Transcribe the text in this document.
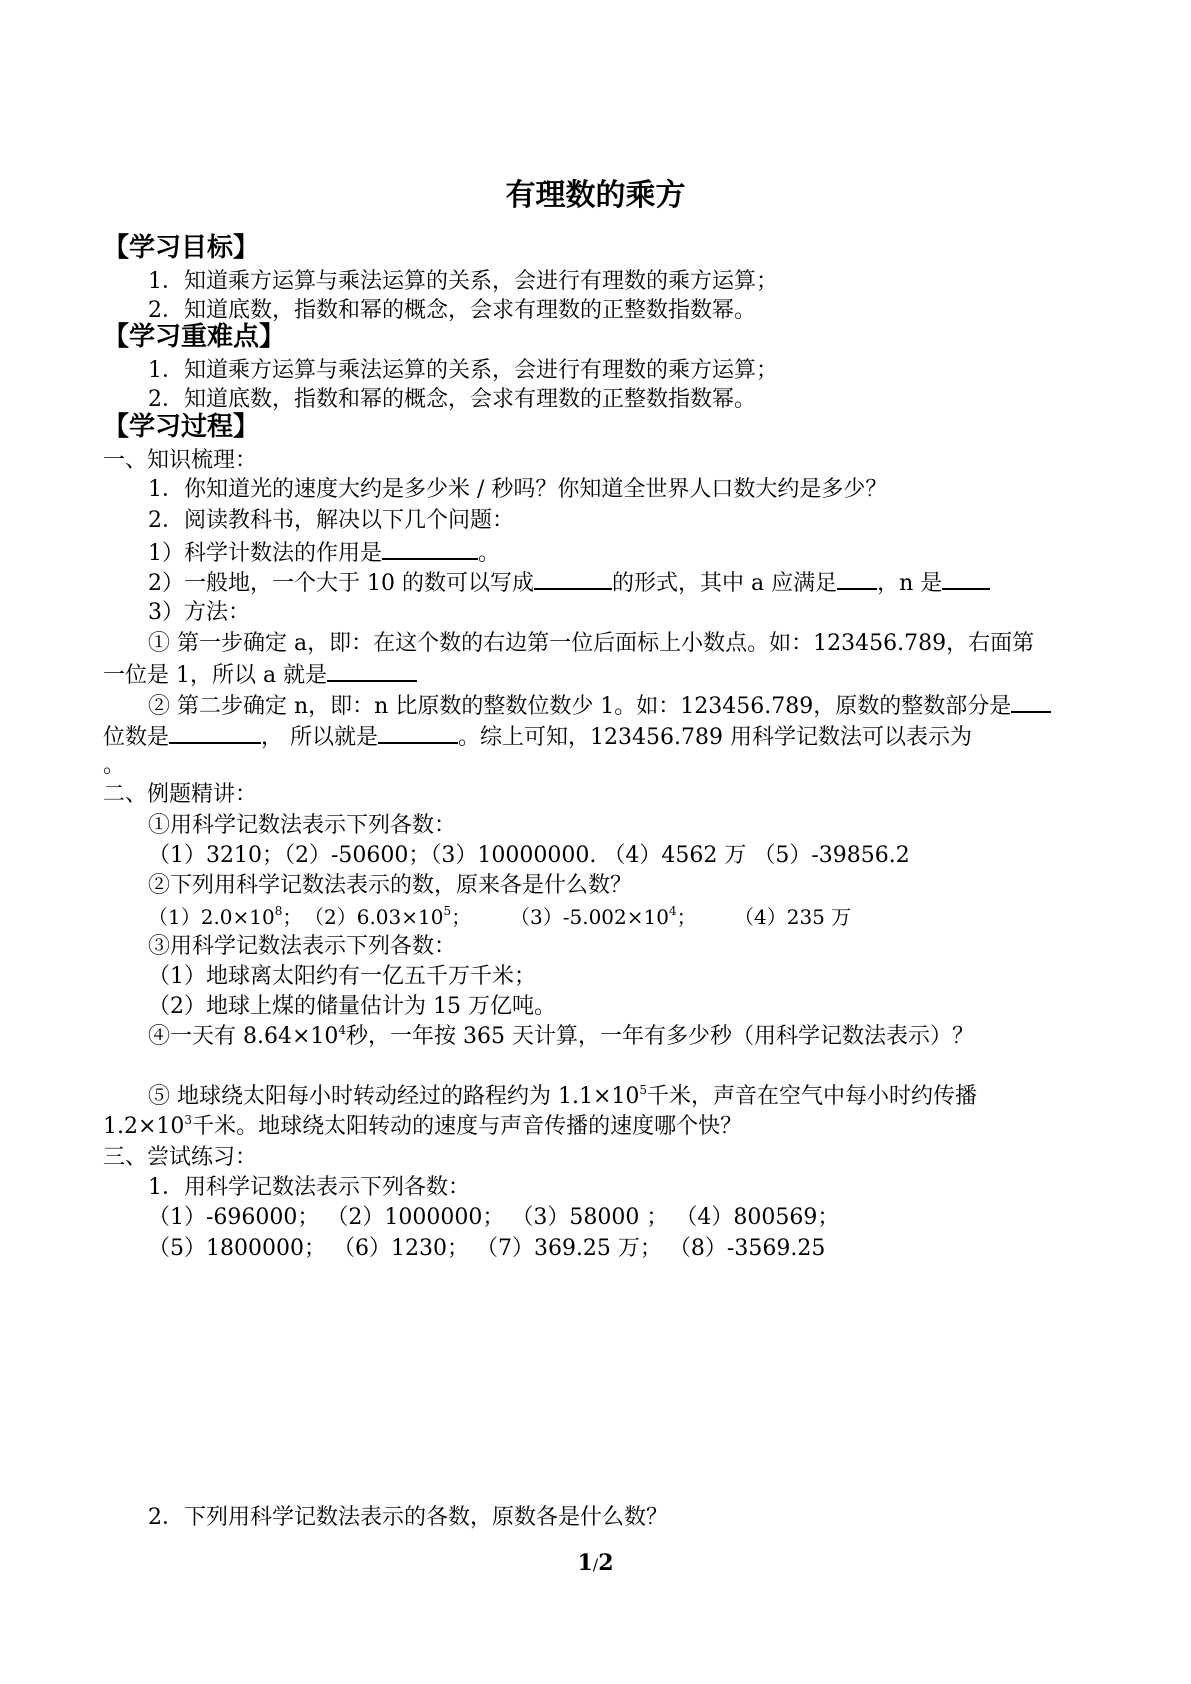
有理数的乘方
【学习目标】
1．知道乘方运算与乘法运算的关系，会进行有理数的乘方运算；
2．知道底数，指数和幂的概念，会求有理数的正整数指数幂。
【学习重难点】
1．知道乘方运算与乘法运算的关系，会进行有理数的乘方运算；
2．知道底数，指数和幂的概念，会求有理数的正整数指数幂。
【学习过程】
一、知识梳理：
1．你知道光的速度大约是多少米 / 秒吗？你知道全世界人口数大约是多少？
2．阅读教科书，解决以下几个问题：
1）科学计数法的作用是	。
2）一般地，一个大于 10 的数可以写成	的形式，其中 a 应满足 ，n 是
3）方法：
① 第一步确定 a，即：在这个数的右边第一位后面标上小数点。如：123456.789，右面第
一位是 1，所以 a 就是
② 第二步确定 n，即：n 比原数的整数位数少 1。如：123456.789，原数的整数部分是
位数是	， 所以就是	。综上可知，123456.789 用科学记数法可以表示为
。
二、例题精讲：
①用科学记数法表示下列各数：
（1）3210；（2）-50600；（3）10000000. （4）4562 万 （5）-39856.2
②下列用科学记数法表示的数，原来各是什么数？
$(1)2.0\times 10^8$； $(2)6.03\times 10^5$； $(3)-5.002\times 10^4$； （4）235 万
③用科学记数法表示下列各数：
（1）地球离太阳约有一亿五千万千米；
（2）地球上煤的储量估计为 15 万亿吨。
④一天有 $8.64\times 10^4$秒，一年按 365 天计算，一年有多少秒（用科学记数法表示）？
⑤ 地球绕太阳每小时转动经过的路程约为 $1.1\times 10^5$千米，声音在空气中每小时约传播
$1.2\times 10^3$千米。地球绕太阳转动的速度与声音传播的速度哪个快？
三、尝试练习：
1．用科学记数法表示下列各数：
（1）-696000； （2）1000000； （3）58000 ； （4）800569；
（5）1800000； （6）1230； （7）369.25 万； （8）-3569.25
2．下列用科学记数法表示的各数，原数各是什么数？
1/2
